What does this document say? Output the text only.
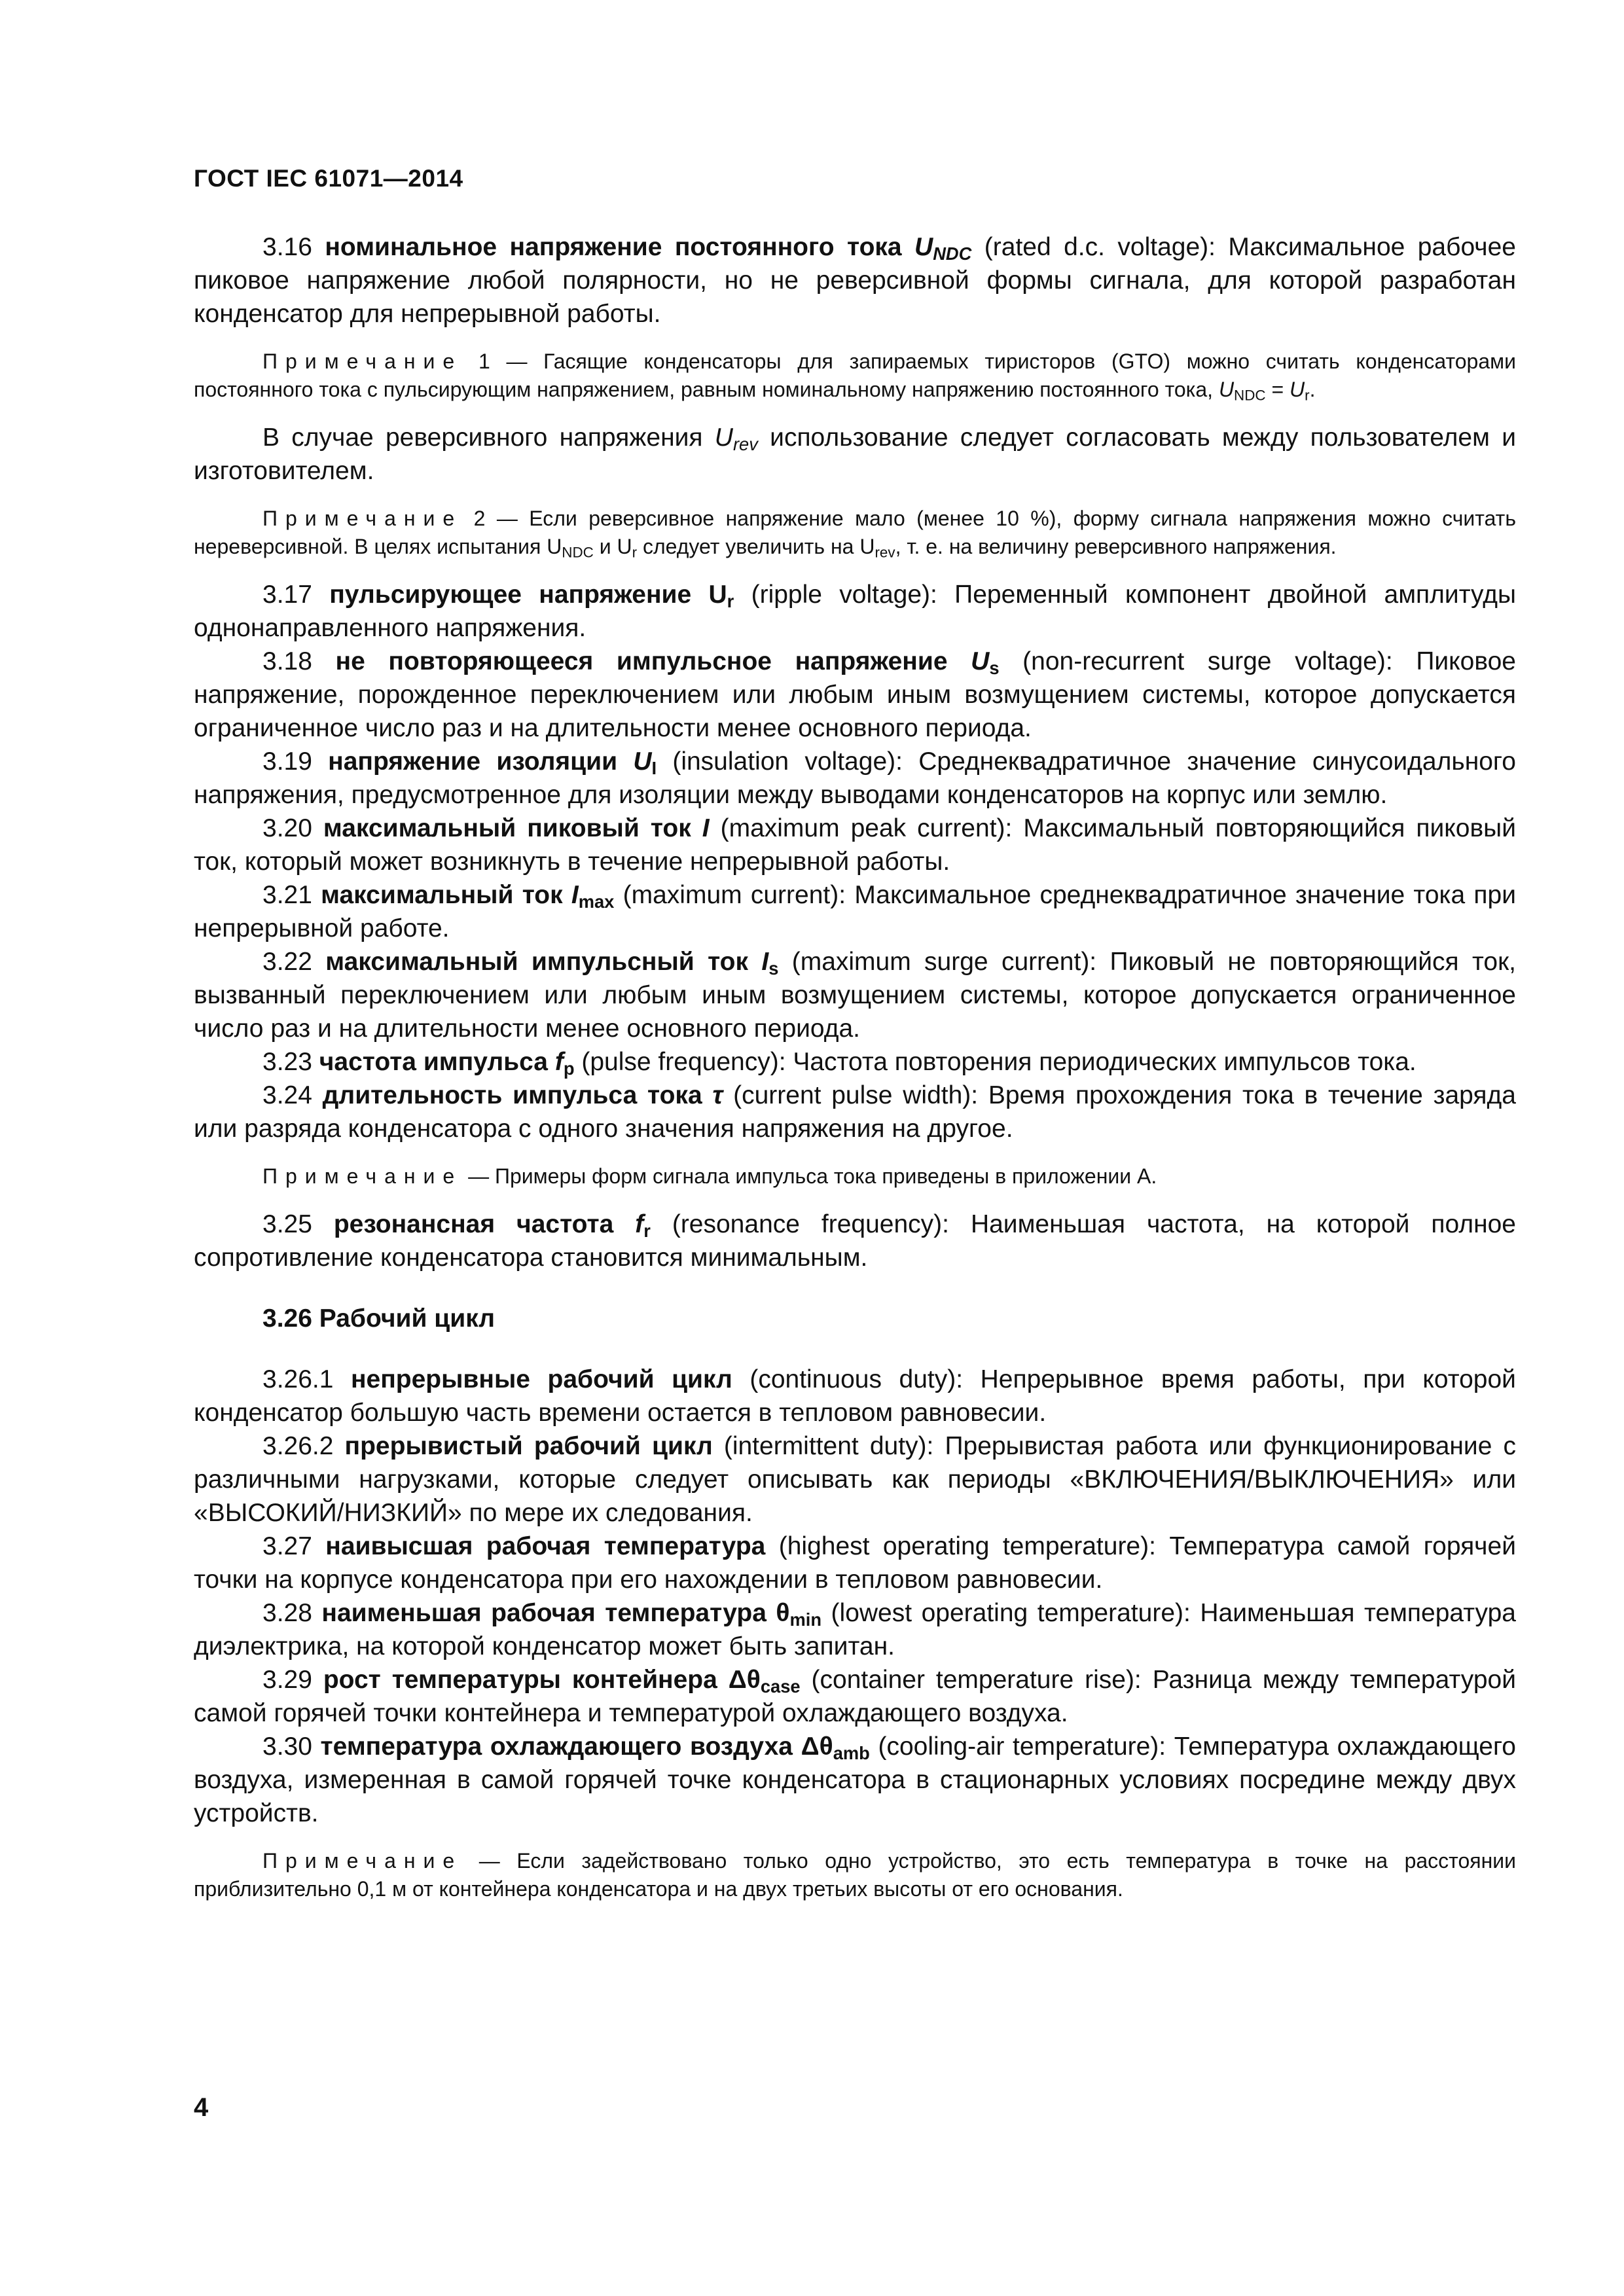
ГОСТ IEC 61071—2014

3.16 номинальное напряжение постоянного тока $U_{NDC}$ (rated d.c. voltage): Максимальное рабочее пиковое напряжение любой полярности, но не реверсивной формы сигнала, для которой разработан конденсатор для непрерывной работы.

Примечание 1 — Гасящие конденсаторы для запираемых тиристоров (GTO) можно считать конденсаторами постоянного тока с пульсирующим напряжением, равным номинальному напряжению постоянного тока, $U_{NDC} = U_r$.

В случае реверсивного напряжения $U_{rev}$ использование следует согласовать между пользователем и изготовителем.

Примечание 2 — Если реверсивное напряжение мало (менее 10 %), форму сигнала напряжения можно считать нереверсивной. В целях испытания $U_{NDC}$ и $U_r$ следует увеличить на $U_{rev}$, т. е. на величину реверсивного напряжения.

3.17 пульсирующее напряжение $U_r$ (ripple voltage): Переменный компонент двойной амплитуды однонаправленного напряжения.

3.18 не повторяющееся импульсное напряжение $U_s$ (non-recurrent surge voltage): Пиковое напряжение, порожденное переключением или любым иным возмущением системы, которое допускается ограниченное число раз и на длительности менее основного периода.

3.19 напряжение изоляции $U_I$ (insulation voltage): Среднеквадратичное значение синусоидального напряжения, предусмотренное для изоляции между выводами конденсаторов на корпус или землю.

3.20 максимальный пиковый ток I (maximum peak current): Максимальный повторяющийся пиковый ток, который может возникнуть в течение непрерывной работы.

3.21 максимальный ток $I_{max}$ (maximum current): Максимальное среднеквадратичное значение тока при непрерывной работе.

3.22 максимальный импульсный ток $I_s$ (maximum surge current): Пиковый не повторяющийся ток, вызванный переключением или любым иным возмущением системы, которое допускается ограниченное число раз и на длительности менее основного периода.

3.23 частота импульса $f_p$ (pulse frequency): Частота повторения периодических импульсов тока.

3.24 длительность импульса тока τ (current pulse width): Время прохождения тока в течение заряда или разряда конденсатора с одного значения напряжения на другое.

Примечание — Примеры форм сигнала импульса тока приведены в приложении А.

3.25 резонансная частота $f_r$ (resonance frequency): Наименьшая частота, на которой полное сопротивление конденсатора становится минимальным.

3.26 Рабочий цикл

3.26.1 непрерывные рабочий цикл (continuous duty): Непрерывное время работы, при которой конденсатор большую часть времени остается в тепловом равновесии.

3.26.2 прерывистый рабочий цикл (intermittent duty): Прерывистая работа или функционирование с различными нагрузками, которые следует описывать как периоды «ВКЛЮЧЕНИЯ/ВЫКЛЮЧЕНИЯ» или «ВЫСОКИЙ/НИЗКИЙ» по мере их следования.

3.27 наивысшая рабочая температура (highest operating temperature): Температура самой горячей точки на корпусе конденсатора при его нахождении в тепловом равновесии.

3.28 наименьшая рабочая температура $\theta_{min}$ (lowest operating temperature): Наименьшая температура диэлектрика, на которой конденсатор может быть запитан.

3.29 рост температуры контейнера $\Delta\theta_{case}$ (container temperature rise): Разница между температурой самой горячей точки контейнера и температурой охлаждающего воздуха.

3.30 температура охлаждающего воздуха $\Delta\theta_{amb}$ (cooling-air temperature): Температура охлаждающего воздуха, измеренная в самой горячей точке конденсатора в стационарных условиях посредине между двух устройств.

Примечание — Если задействовано только одно устройство, это есть температура в точке на расстоянии приблизительно 0,1 м от контейнера конденсатора и на двух третьих высоты от его основания.

4
